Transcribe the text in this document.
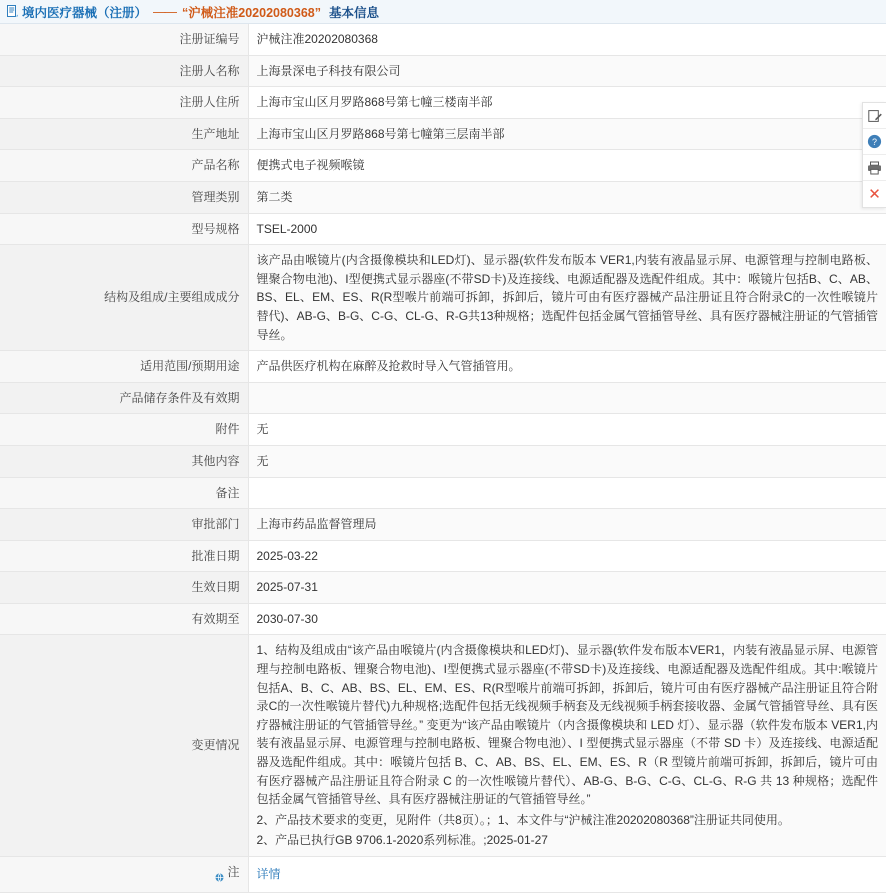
境内医疗器械（注册） —— “沪械注准20202080368” 基本信息
注册证编号	沪械注准20202080368

注册人名称	上海景深电子科技有限公司

注册人住所	上海市宝山区月罗路868号第七幢三楼南半部

生产地址	上海市宝山区月罗路868号第七幢第三层南半部

产品名称	便携式电子视频喉镜

管理类别	第二类

型号规格	TSEL-2000

结构及组成/主要组成成分	该产品由喉镜片(内含摄像模块和LED灯)、显示器(软件发布版本 VER1,内装有液晶显示屏、电源管理与控制电路板、锂聚合物电池)、I型便携式显示器座(不带SD卡)及连接线、电源适配器及选配件组成。其中：喉镜片包括B、C、AB、BS、EL、EM、ES、R(R型喉片前端可拆卸，拆卸后，镜片可由有医疗器械产品注册证且符合附录C的一次性喉镜片替代)、AB-G、B-G、C-G、CL-G、R-G共13种规格；选配件包括金属气管插管导丝、具有医疗器械注册证的气管插管导丝。

适用范围/预期用途	产品供医疗机构在麻醉及抢救时导入气管插管用。

产品储存条件及有效期	

附件	无

其他内容	无

备注	

审批部门	上海市药品监督管理局

批准日期	2025-03-22

生效日期	2025-07-31

有效期至	2030-07-30

变更情况	1、结构及组成由“该产品由喉镜片(内含摄像模块和LED灯)、显示器(软件发布版本VER1，内装有液晶显示屏、电源管理与控制电路板、锂聚合物电池)、I型便携式显示器座(不带SD卡)及连接线、电源适配器及选配件组成。其中:喉镜片包括A、B、C、AB、BS、EL、EM、ES、R(R型喉片前端可拆卸，拆卸后，镜片可由有医疗器械产品注册证且符合附录C的一次性喉镜片替代)九种规格;选配件包括无线视频手柄套及无线视频手柄套接收器、金属气管插管导丝、具有医疗器械注册证的气管插管导丝。” 变更为“该产品由喉镜片（内含摄像模块和 LED 灯）、显示器（软件发布版本 VER1,内装有液晶显示屏、电源管理与控制电路板、锂聚合物电池）、I 型便携式显示器座（不带 SD 卡）及连接线、电源适配器及选配件组成。其中：喉镜片包括 B、C、AB、BS、EL、EM、ES、R（R 型镜片前端可拆卸，拆卸后，镜片可由有医疗器械产品注册证且符合附录 C 的一次性喉镜片替代）、AB-G、B-G、C-G、CL-G、R-G 共 13 种规格；选配件包括金属气管插管导丝、具有医疗器械注册证的气管插管导丝。”

2、产品技术要求的变更，见附件（共8页）。；1、本文件与“沪械注准20202080368”注册证共同使用。

2、产品已执行GB 9706.1-2020系列标准。;2025-01-27

注	详情
?
✕
